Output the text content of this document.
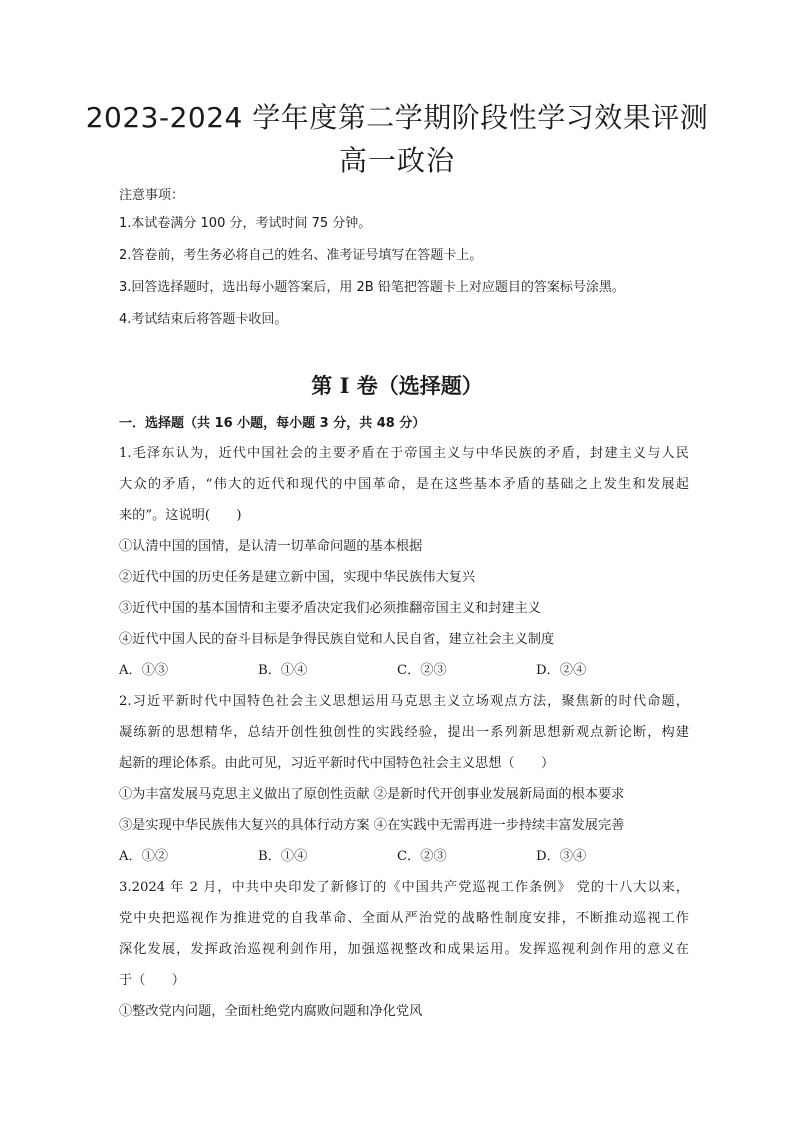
2023-2024 学年度第二学期阶段性学习效果评测
高一政治
注意事项：
1.本试卷满分 100 分，考试时间 75 分钟。
2.答卷前，考生务必将自己的姓名、准考证号填写在答题卡上。
3.回答选择题时，选出每小题答案后，用 2B 铅笔把答题卡上对应题目的答案标号涂黑。
4.考试结束后将答题卡收回。
第 I 卷（选择题）
一．选择题（共 16 小题，每小题 3 分，共 48 分）
1.毛泽东认为，近代中国社会的主要矛盾在于帝国主义与中华民族的矛盾，封建主义与人民
大众的矛盾，“伟大的近代和现代的中国革命，是在这些基本矛盾的基础之上发生和发展起
来的”。这说明(　　)
①认清中国的国情，是认清一切革命问题的基本根据
②近代中国的历史任务是建立新中国，实现中华民族伟大复兴
③近代中国的基本国情和主要矛盾决定我们必须推翻帝国主义和封建主义
④近代中国人民的奋斗目标是争得民族自觉和人民自省，建立社会主义制度
A．①③	B．①④	C．②③	D．②④
2.习近平新时代中国特色社会主义思想运用马克思主义立场观点方法，聚焦新的时代命题，
凝练新的思想精华，总结开创性独创性的实践经验，提出一系列新思想新观点新论断，构建
起新的理论体系。由此可见，习近平新时代中国特色社会主义思想（　　）
①为丰富发展马克思主义做出了原创性贡献 ②是新时代开创事业发展新局面的根本要求
③是实现中华民族伟大复兴的具体行动方案 ④在实践中无需再进一步持续丰富发展完善
A．①②	B．①④	C．②③	D．③④
3.2024 年 2 月，中共中央印发了新修订的《中国共产党巡视工作条例》 党的十八大以来，
党中央把巡视作为推进党的自我革命、全面从严治党的战略性制度安排，不断推动巡视工作
深化发展，发挥政治巡视利剑作用，加强巡视整改和成果运用。发挥巡视利剑作用的意义在
于（　　）
①整改党内问题，全面杜绝党内腐败问题和净化党风
